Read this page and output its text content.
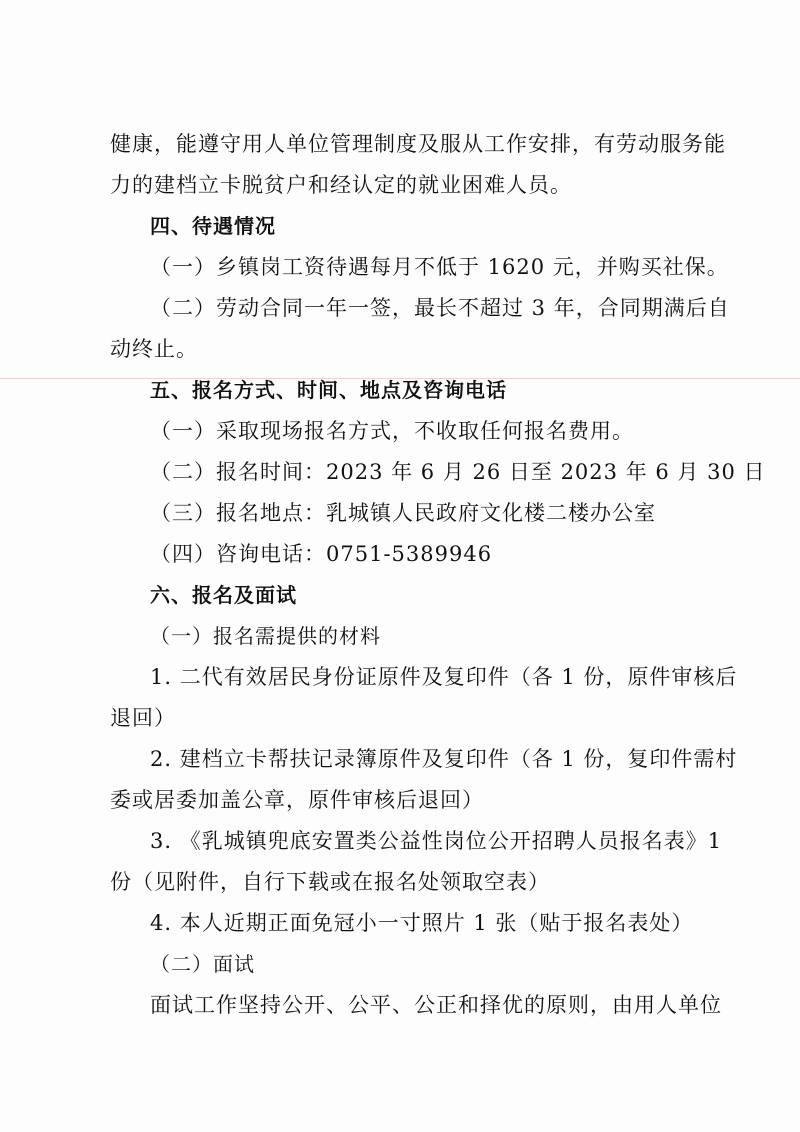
健康，能遵守用人单位管理制度及服从工作安排，有劳动服务能
力的建档立卡脱贫户和经认定的就业困难人员。
四、待遇情况
（一）乡镇岗工资待遇每月不低于 1620 元，并购买社保。
（二）劳动合同一年一签，最长不超过 3 年，合同期满后自
动终止。
五、报名方式、时间、地点及咨询电话
（一）采取现场报名方式，不收取任何报名费用。
（二）报名时间：2023 年 6 月 26 日至 2023 年 6 月 30 日
（三）报名地点：乳城镇人民政府文化楼二楼办公室
（四）咨询电话：0751-5389946
六、报名及面试
（一）报名需提供的材料
1. 二代有效居民身份证原件及复印件（各 1 份，原件审核后
退回）
2. 建档立卡帮扶记录簿原件及复印件（各 1 份，复印件需村
委或居委加盖公章，原件审核后退回）
3. 《乳城镇兜底安置类公益性岗位公开招聘人员报名表》1
份（见附件，自行下载或在报名处领取空表）
4. 本人近期正面免冠小一寸照片 1 张（贴于报名表处）
（二）面试
面试工作坚持公开、公平、公正和择优的原则，由用人单位
